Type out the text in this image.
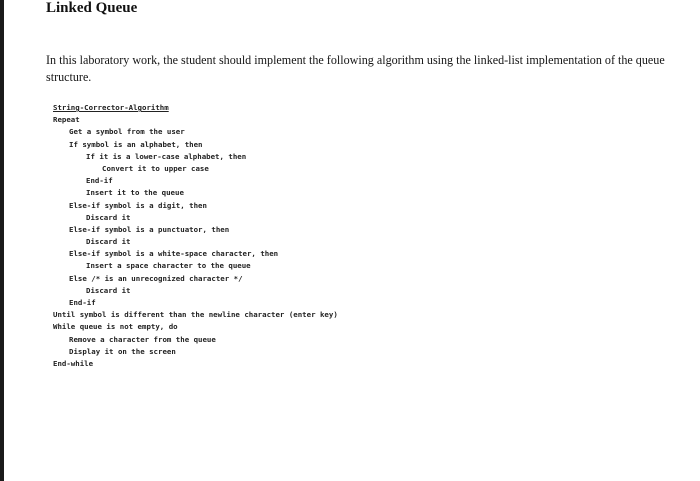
Linked Queue

In this laboratory work, the student should implement the following algorithm using the linked-list implementation of the queue structure.

String-Corrector-Algorithm
Repeat
Get a symbol from the user
If symbol is an alphabet, then
If it is a lower-case alphabet, then
Convert it to upper case
End-if
Insert it to the queue
Else-if symbol is a digit, then
Discard it
Else-if symbol is a punctuator, then
Discard it
Else-if symbol is a white-space character, then
Insert a space character to the queue
Else /* is an unrecognized character */
Discard it
End-if
Until symbol is different than the newline character (enter key)
While queue is not empty, do
Remove a character from the queue
Display it on the screen
End-while
